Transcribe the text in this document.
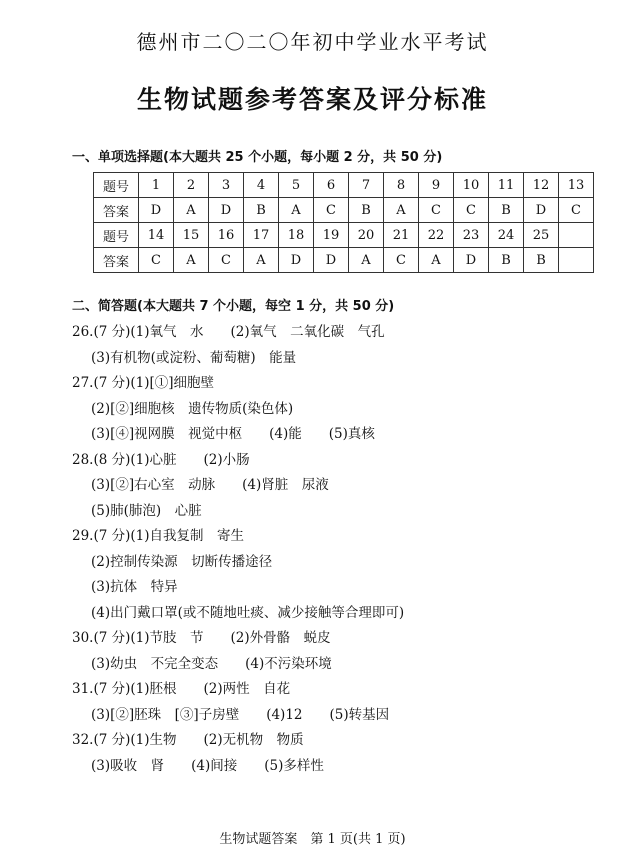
德州市二〇二〇年初中学业水平考试
生物试题参考答案及评分标准
一、单项选择题(本大题共 25 个小题，每小题 2 分，共 50 分)
题号	1	2	3	4	5	6	7	8	9	10	11	12	13
答案	D	A	D	B	A	C	B	A	C	C	B	D	C
题号	14	15	16	17	18	19	20	21	22	23	24	25	
答案	C	A	C	A	D	D	A	C	A	D	B	B	
二、简答题(本大题共 7 个小题，每空 1 分，共 50 分)
26.(7 分)(1)氧气　水　　(2)氧气　二氧化碳　气孔
(3)有机物(或淀粉、葡萄糖)　能量
27.(7 分)(1)[①]细胞壁
(2)[②]细胞核　遗传物质(染色体)
(3)[④]视网膜　视觉中枢　　(4)能　　(5)真核
28.(8 分)(1)心脏　　(2)小肠
(3)[②]右心室　动脉　　(4)肾脏　尿液
(5)肺(肺泡)　心脏
29.(7 分)(1)自我复制　寄生
(2)控制传染源　切断传播途径
(3)抗体　特异
(4)出门戴口罩(或不随地吐痰、减少接触等合理即可)
30.(7 分)(1)节肢　节　　(2)外骨骼　蜕皮
(3)幼虫　不完全变态　　(4)不污染环境
31.(7 分)(1)胚根　　(2)两性　自花
(3)[②]胚珠　[③]子房壁　　(4)12　　(5)转基因
32.(7 分)(1)生物　　(2)无机物　物质
(3)吸收　肾　　(4)间接　　(5)多样性
生物试题答案　第 1 页(共 1 页)
